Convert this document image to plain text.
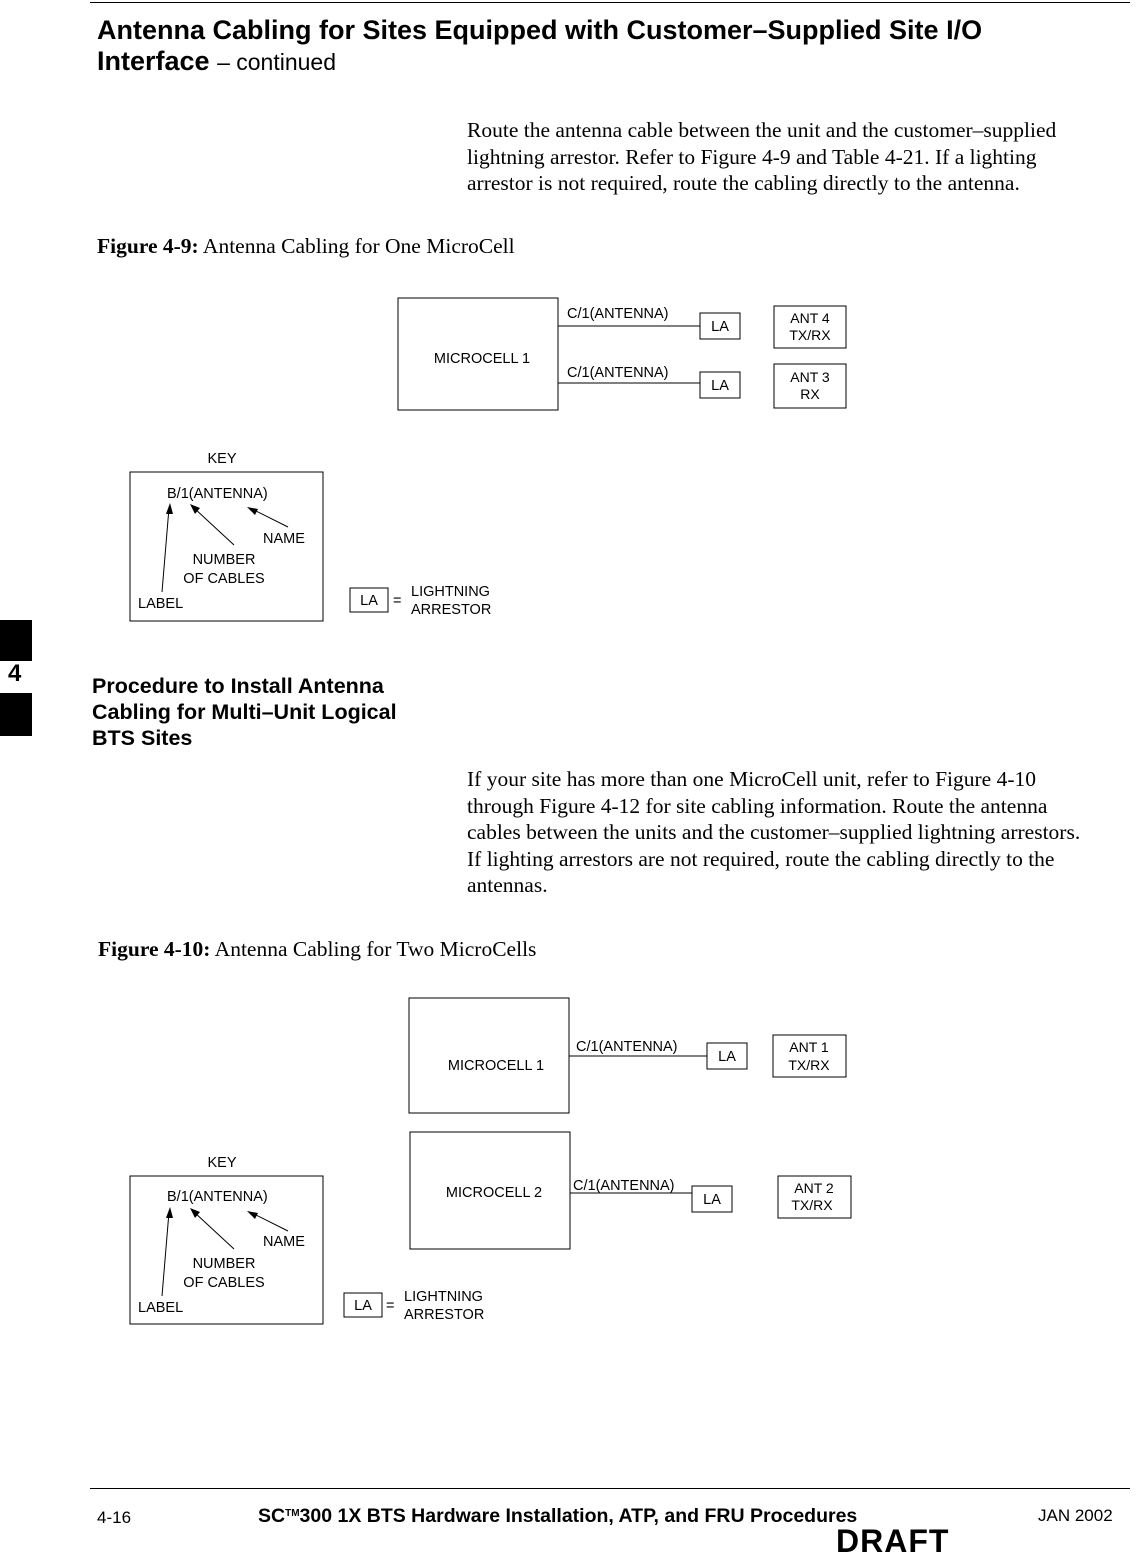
Antenna Cabling for Sites Equipped with Customer–Supplied Site I/O
Interface – continued
Route the antenna cable between the unit and the customer–supplied
lightning arrestor. Refer to Figure 4-9 and Table 4-21. If a lighting
arrestor is not required, route the cabling directly to the antenna.
Figure 4-9: Antenna Cabling for One MicroCell
MICROCELL 1
C/1(ANTENNA)
C/1(ANTENNA)
LA
LA
ANT 4
TX/RX
ANT 3
RX
KEY
B/1(ANTENNA)
NAME
NUMBER
OF CABLES
LABEL	LA =
LIGHTNING
ARRESTOR
4	Procedure to Install Antenna
Cabling for Multi–Unit Logical
BTS Sites
If your site has more than one MicroCell unit, refer to Figure 4-10
through Figure 4-12 for site cabling information. Route the antenna
cables between the units and the customer–supplied lightning arrestors.
If lighting arrestors are not required, route the cabling directly to the
antennas.
Figure 4-10: Antenna Cabling for Two MicroCells
MICROCELL 1
C/1(ANTENNA)
LA
ANT 1
TX/RX
MICROCELL 2 C/1(ANTENNA)
LA
ANT 2
TX/RX
KEY
B/1(ANTENNA)
NAME
NUMBER
OF CABLES
LABEL	LA =
LIGHTNING
ARRESTOR
4-16	SC™300 1X BTS Hardware Installation, ATP, and FRU Procedures	JAN 2002
DRAFT
